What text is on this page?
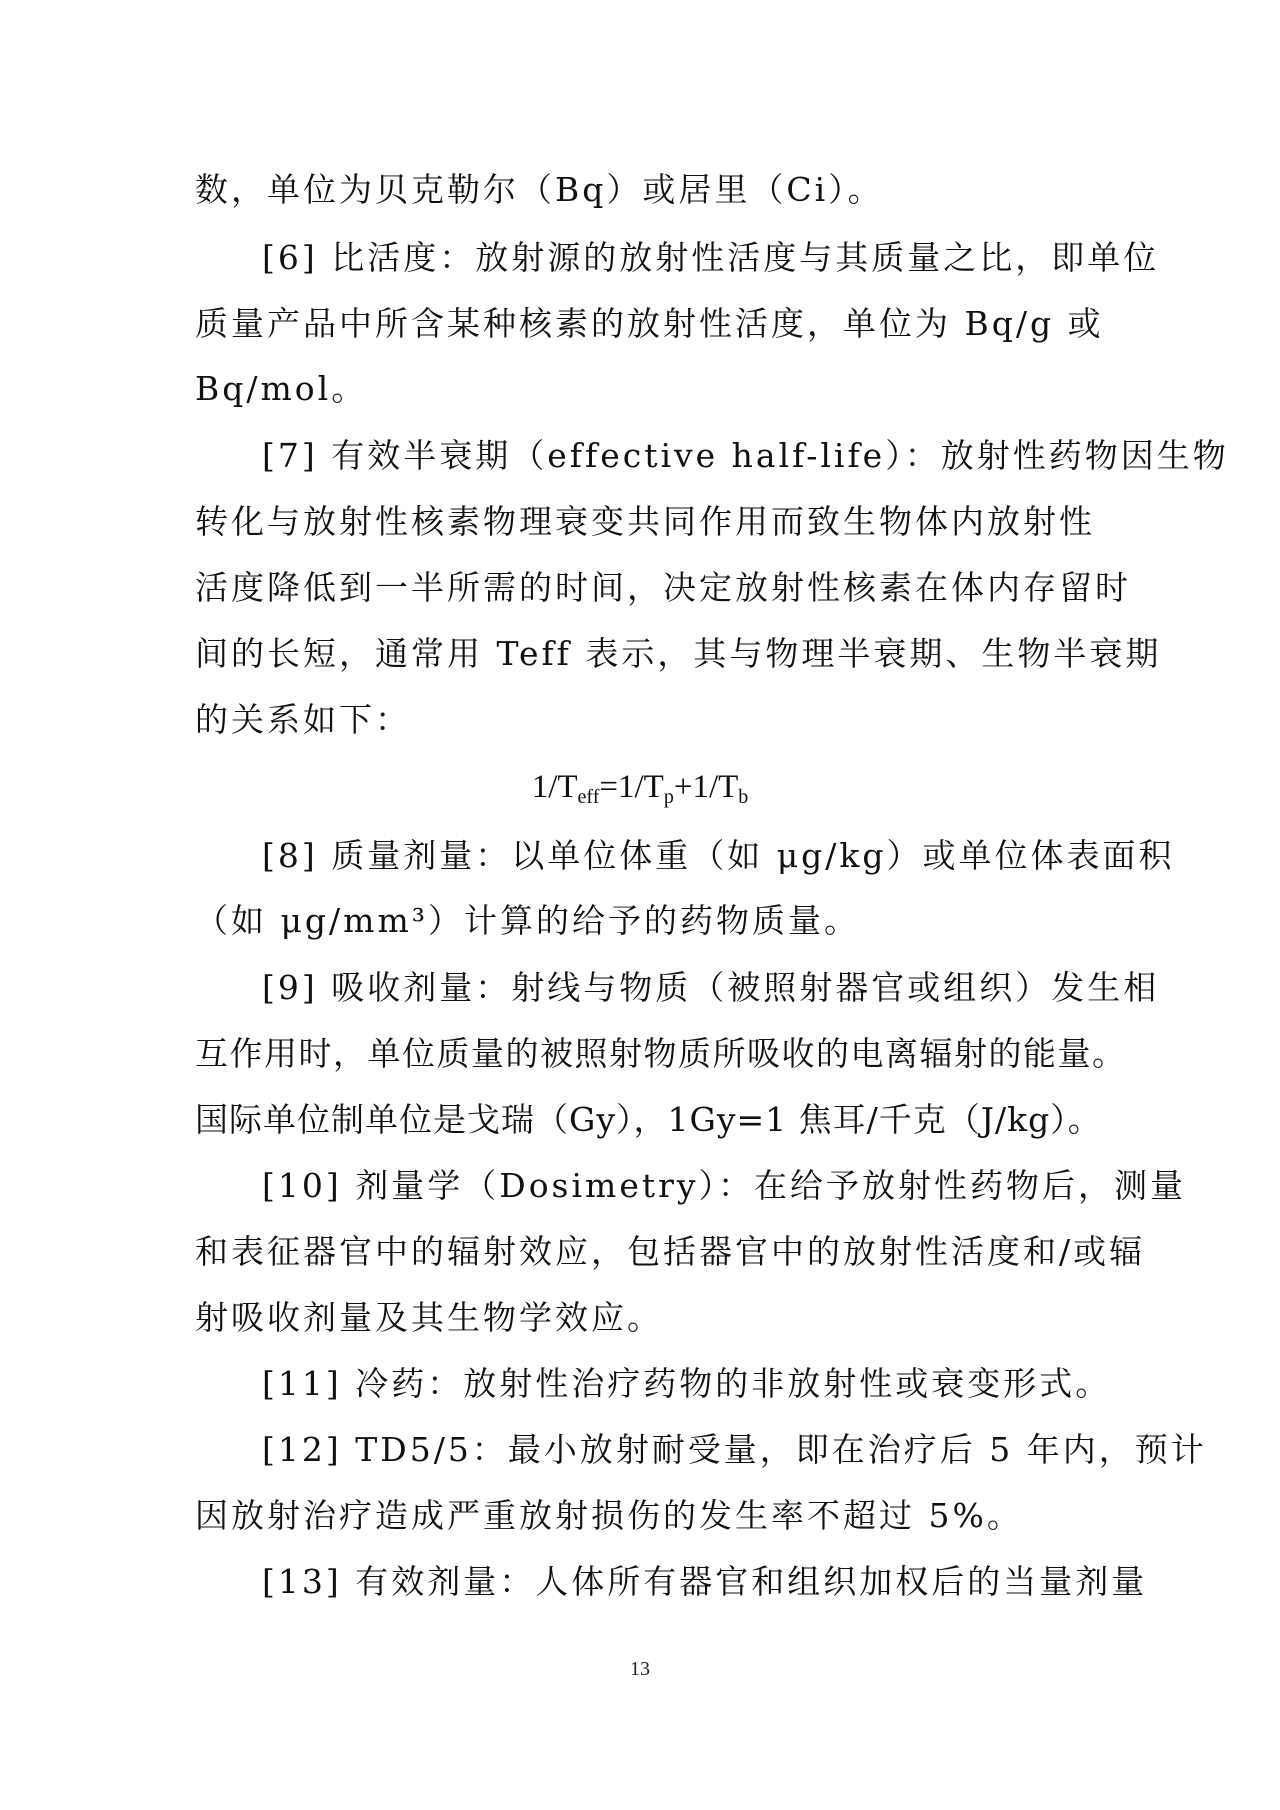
数，单位为贝克勒尔（Bq）或居里（Ci）。
[6] 比活度：放射源的放射性活度与其质量之比，即单位
质量产品中所含某种核素的放射性活度，单位为 Bq/g 或
Bq/mol。
[7] 有效半衰期（effective half-life）：放射性药物因生物
转化与放射性核素物理衰变共同作用而致生物体内放射性
活度降低到一半所需的时间，决定放射性核素在体内存留时
间的长短，通常用 Teff 表示，其与物理半衰期、生物半衰期
的关系如下：
$1/T_{eff}=1/T_p+1/T_b$
[8] 质量剂量：以单位体重（如 μg/kg）或单位体表面积
（如 μg/mm³）计算的给予的药物质量。
[9] 吸收剂量：射线与物质（被照射器官或组织）发生相
互作用时，单位质量的被照射物质所吸收的电离辐射的能量。
国际单位制单位是戈瑞（Gy），1Gy=1 焦耳/千克（J/kg）。
[10] 剂量学（Dosimetry）：在给予放射性药物后，测量
和表征器官中的辐射效应，包括器官中的放射性活度和/或辐
射吸收剂量及其生物学效应。
[11] 冷药：放射性治疗药物的非放射性或衰变形式。
[12] TD5/5：最小放射耐受量，即在治疗后 5 年内，预计
因放射治疗造成严重放射损伤的发生率不超过 5%。
[13] 有效剂量：人体所有器官和组织加权后的当量剂量
13
